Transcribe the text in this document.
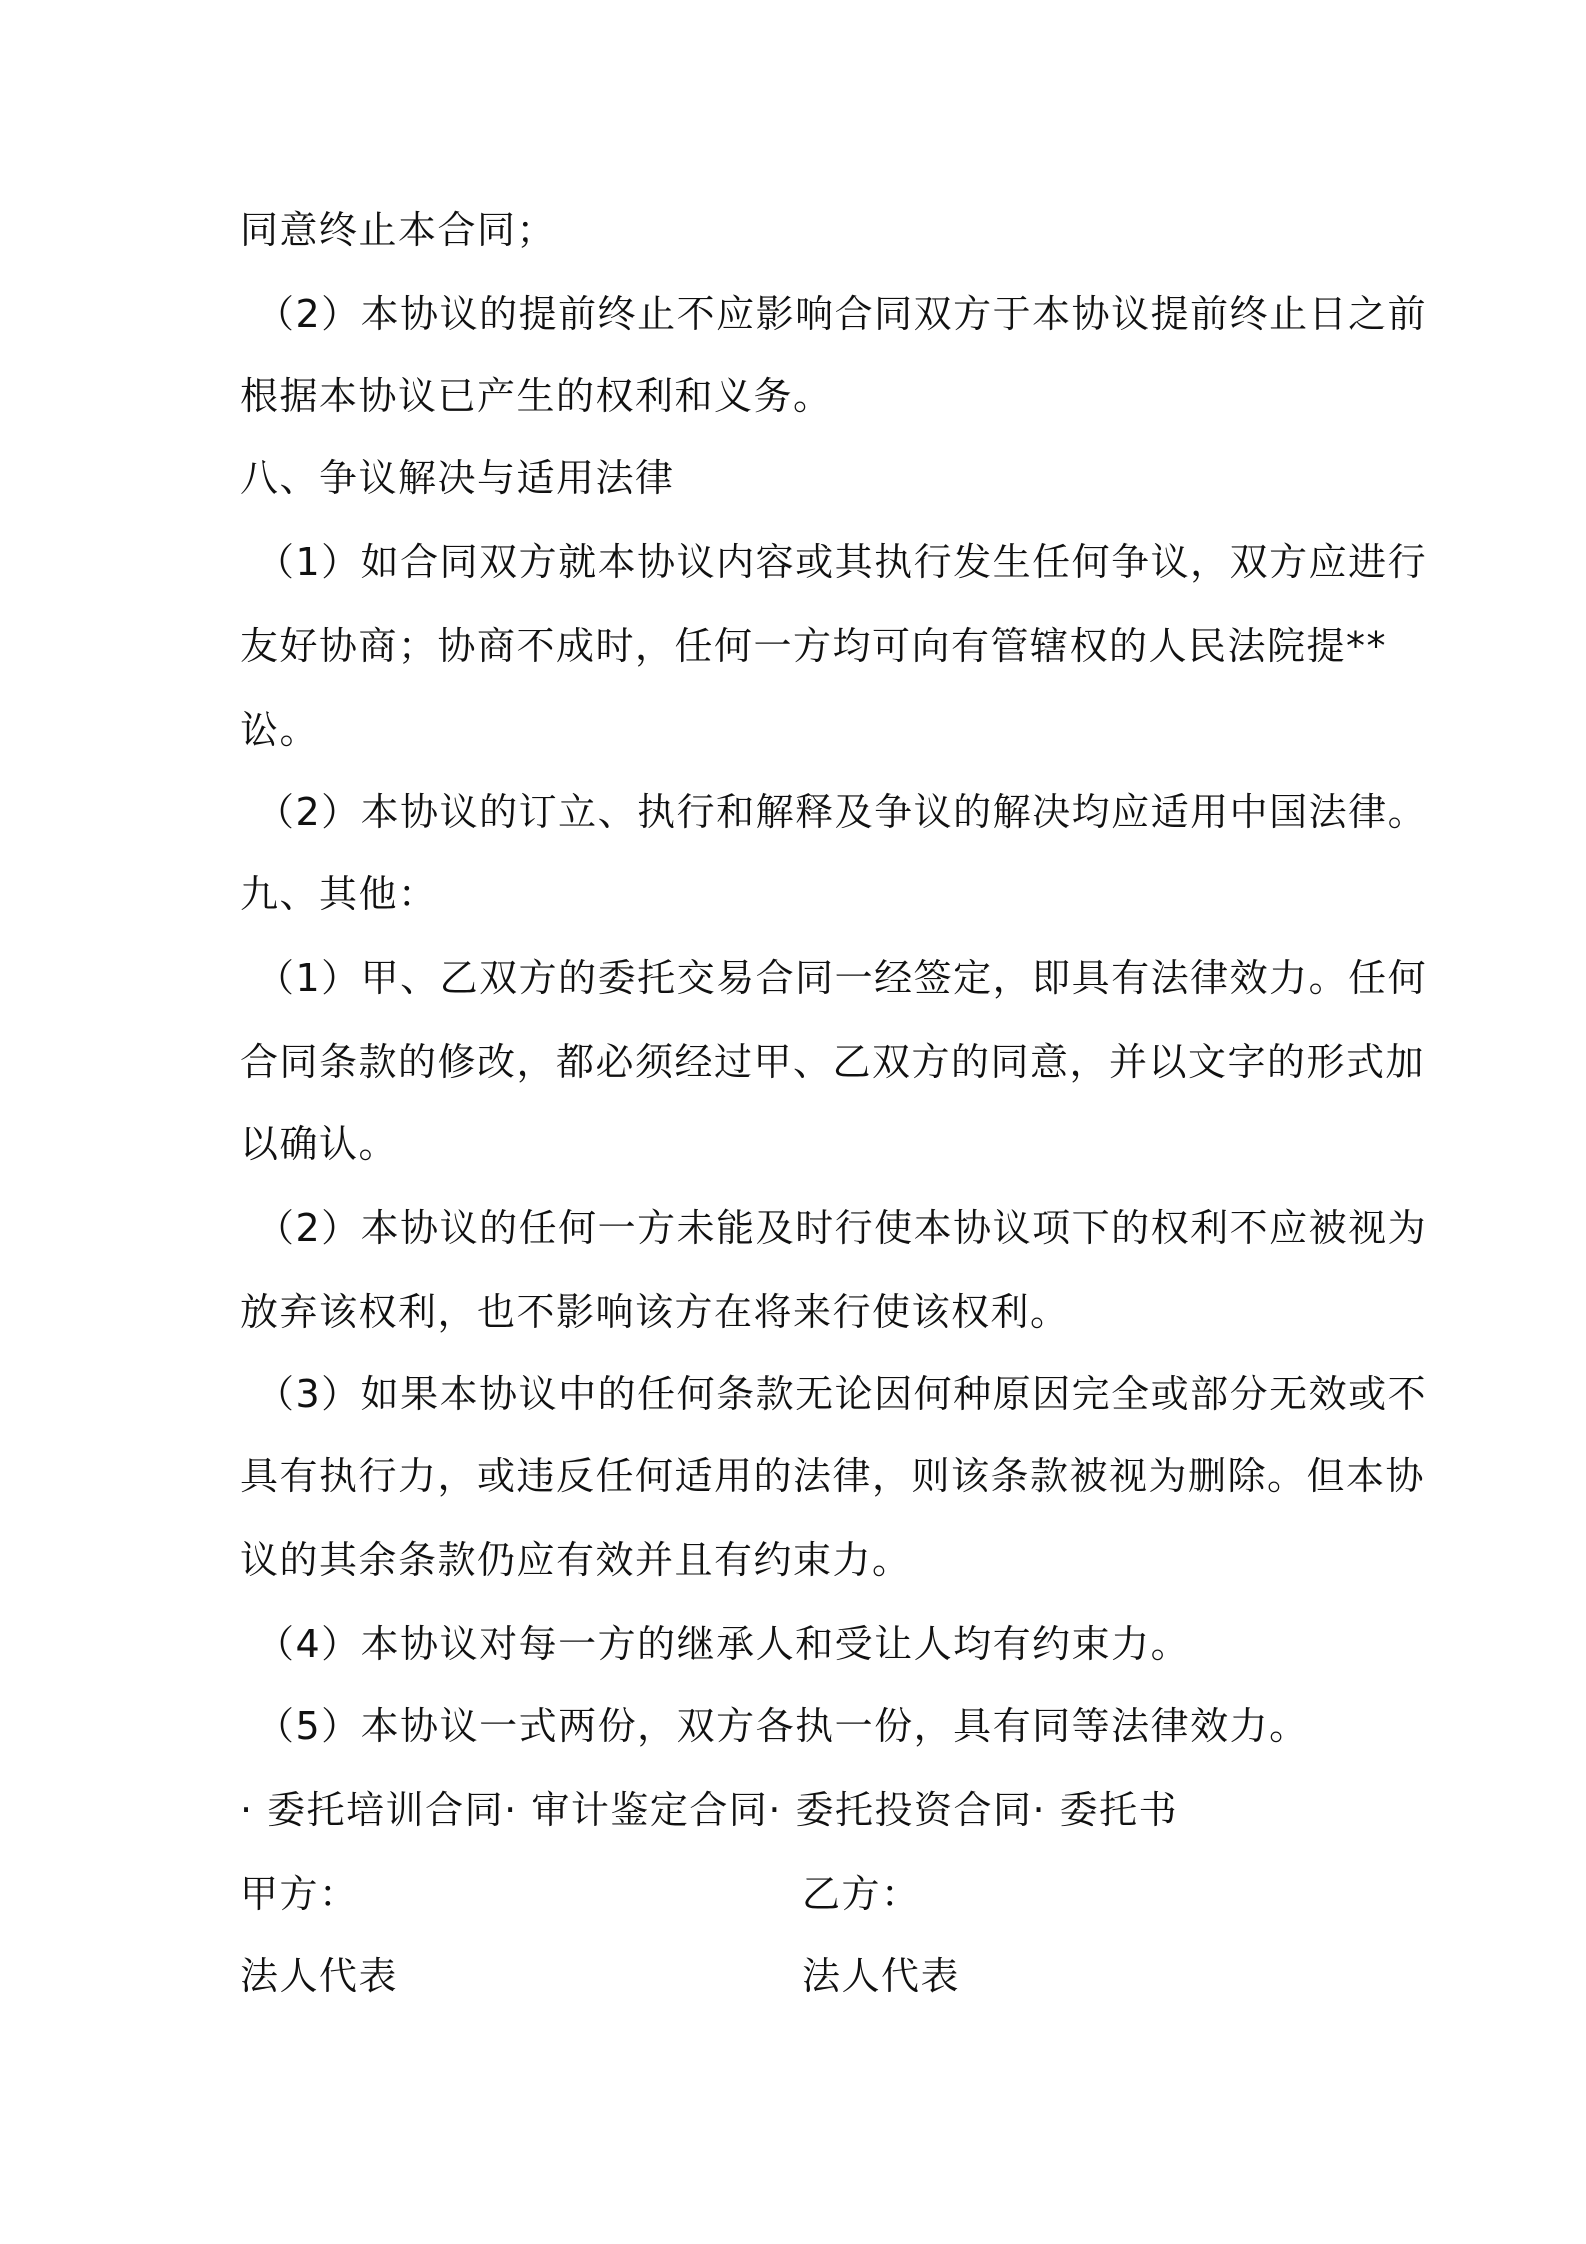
同意终止本合同；
（2）本协议的提前终止不应影响合同双方于本协议提前终止日之前
根据本协议已产生的权利和义务。
八、争议解决与适用法律
（1）如合同双方就本协议内容或其执行发生任何争议，双方应进行
友好协商；协商不成时，任何一方均可向有管辖权的人民法院提**
讼。
（2）本协议的订立、执行和解释及争议的解决均应适用中国法律。
九、其他：
（1）甲、乙双方的委托交易合同一经签定，即具有法律效力。任何
合同条款的修改，都必须经过甲、乙双方的同意，并以文字的形式加
以确认。
（2）本协议的任何一方未能及时行使本协议项下的权利不应被视为
放弃该权利，也不影响该方在将来行使该权利。
（3）如果本协议中的任何条款无论因何种原因完全或部分无效或不
具有执行力，或违反任何适用的法律，则该条款被视为删除。但本协
议的其余条款仍应有效并且有约束力。
（4）本协议对每一方的继承人和受让人均有约束力。
（5）本协议一式两份，双方各执一份，具有同等法律效力。
· 委托培训合同· 审计鉴定合同· 委托投资合同· 委托书
甲方：	乙方：
法人代表	法人代表
